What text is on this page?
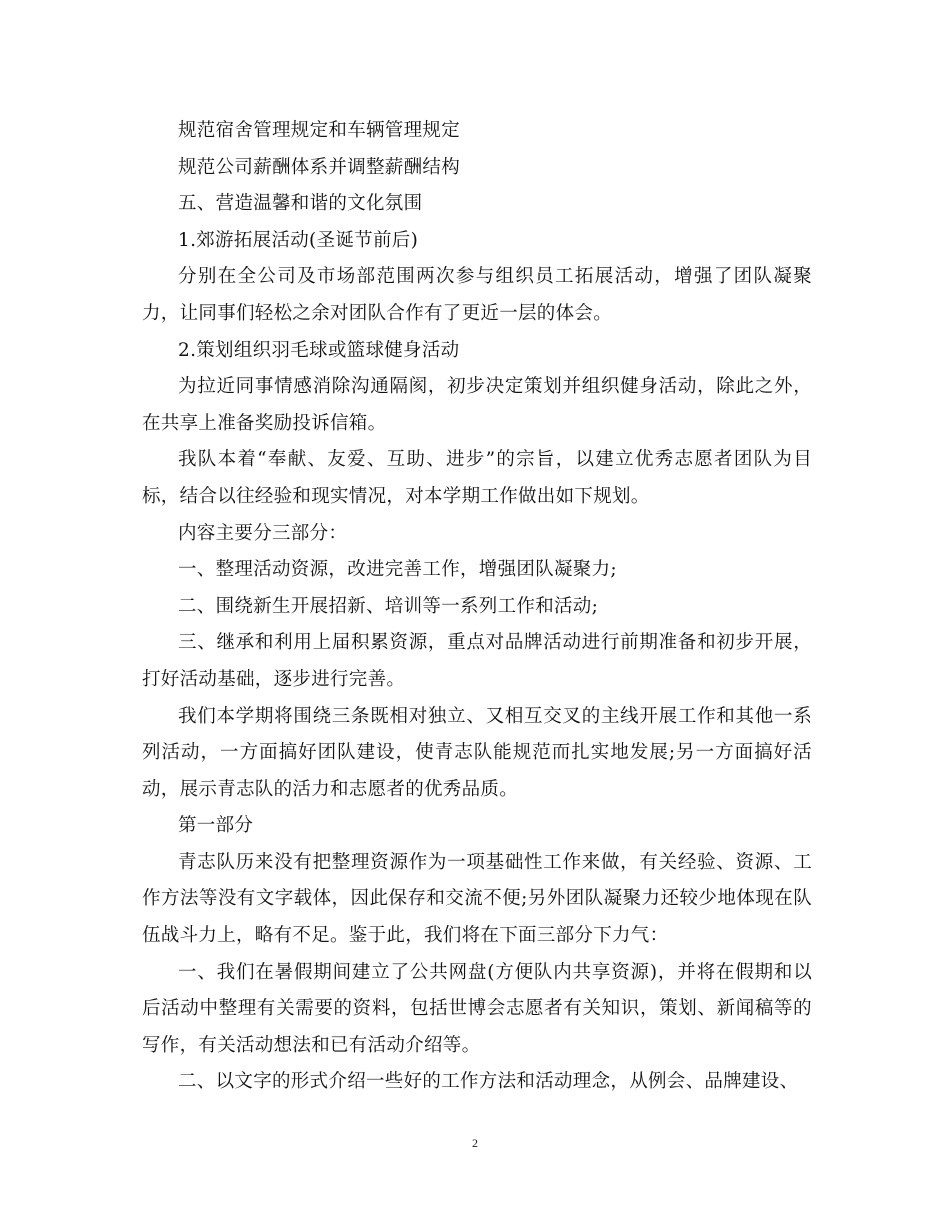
规范宿舍管理规定和车辆管理规定

规范公司薪酬体系并调整薪酬结构

五、营造温馨和谐的文化氛围

1.郊游拓展活动(圣诞节前后)

分别在全公司及市场部范围两次参与组织员工拓展活动，增强了团队凝聚力，让同事们轻松之余对团队合作有了更近一层的体会。

2.策划组织羽毛球或篮球健身活动

为拉近同事情感消除沟通隔阂，初步决定策划并组织健身活动，除此之外，在共享上准备奖励投诉信箱。

我队本着“奉献、友爱、互助、进步”的宗旨，以建立优秀志愿者团队为目标，结合以往经验和现实情况，对本学期工作做出如下规划。

内容主要分三部分：

一、整理活动资源，改进完善工作，增强团队凝聚力;

二、围绕新生开展招新、培训等一系列工作和活动;

三、继承和利用上届积累资源，重点对品牌活动进行前期准备和初步开展，打好活动基础，逐步进行完善。

我们本学期将围绕三条既相对独立、又相互交叉的主线开展工作和其他一系列活动，一方面搞好团队建设，使青志队能规范而扎实地发展;另一方面搞好活动，展示青志队的活力和志愿者的优秀品质。

第一部分

青志队历来没有把整理资源作为一项基础性工作来做，有关经验、资源、工作方法等没有文字载体，因此保存和交流不便;另外团队凝聚力还较少地体现在队伍战斗力上，略有不足。鉴于此，我们将在下面三部分下力气：

一、我们在暑假期间建立了公共网盘(方便队内共享资源)，并将在假期和以后活动中整理有关需要的资料，包括世博会志愿者有关知识，策划、新闻稿等的写作，有关活动想法和已有活动介绍等。

二、以文字的形式介绍一些好的工作方法和活动理念，从例会、品牌建设、

2
